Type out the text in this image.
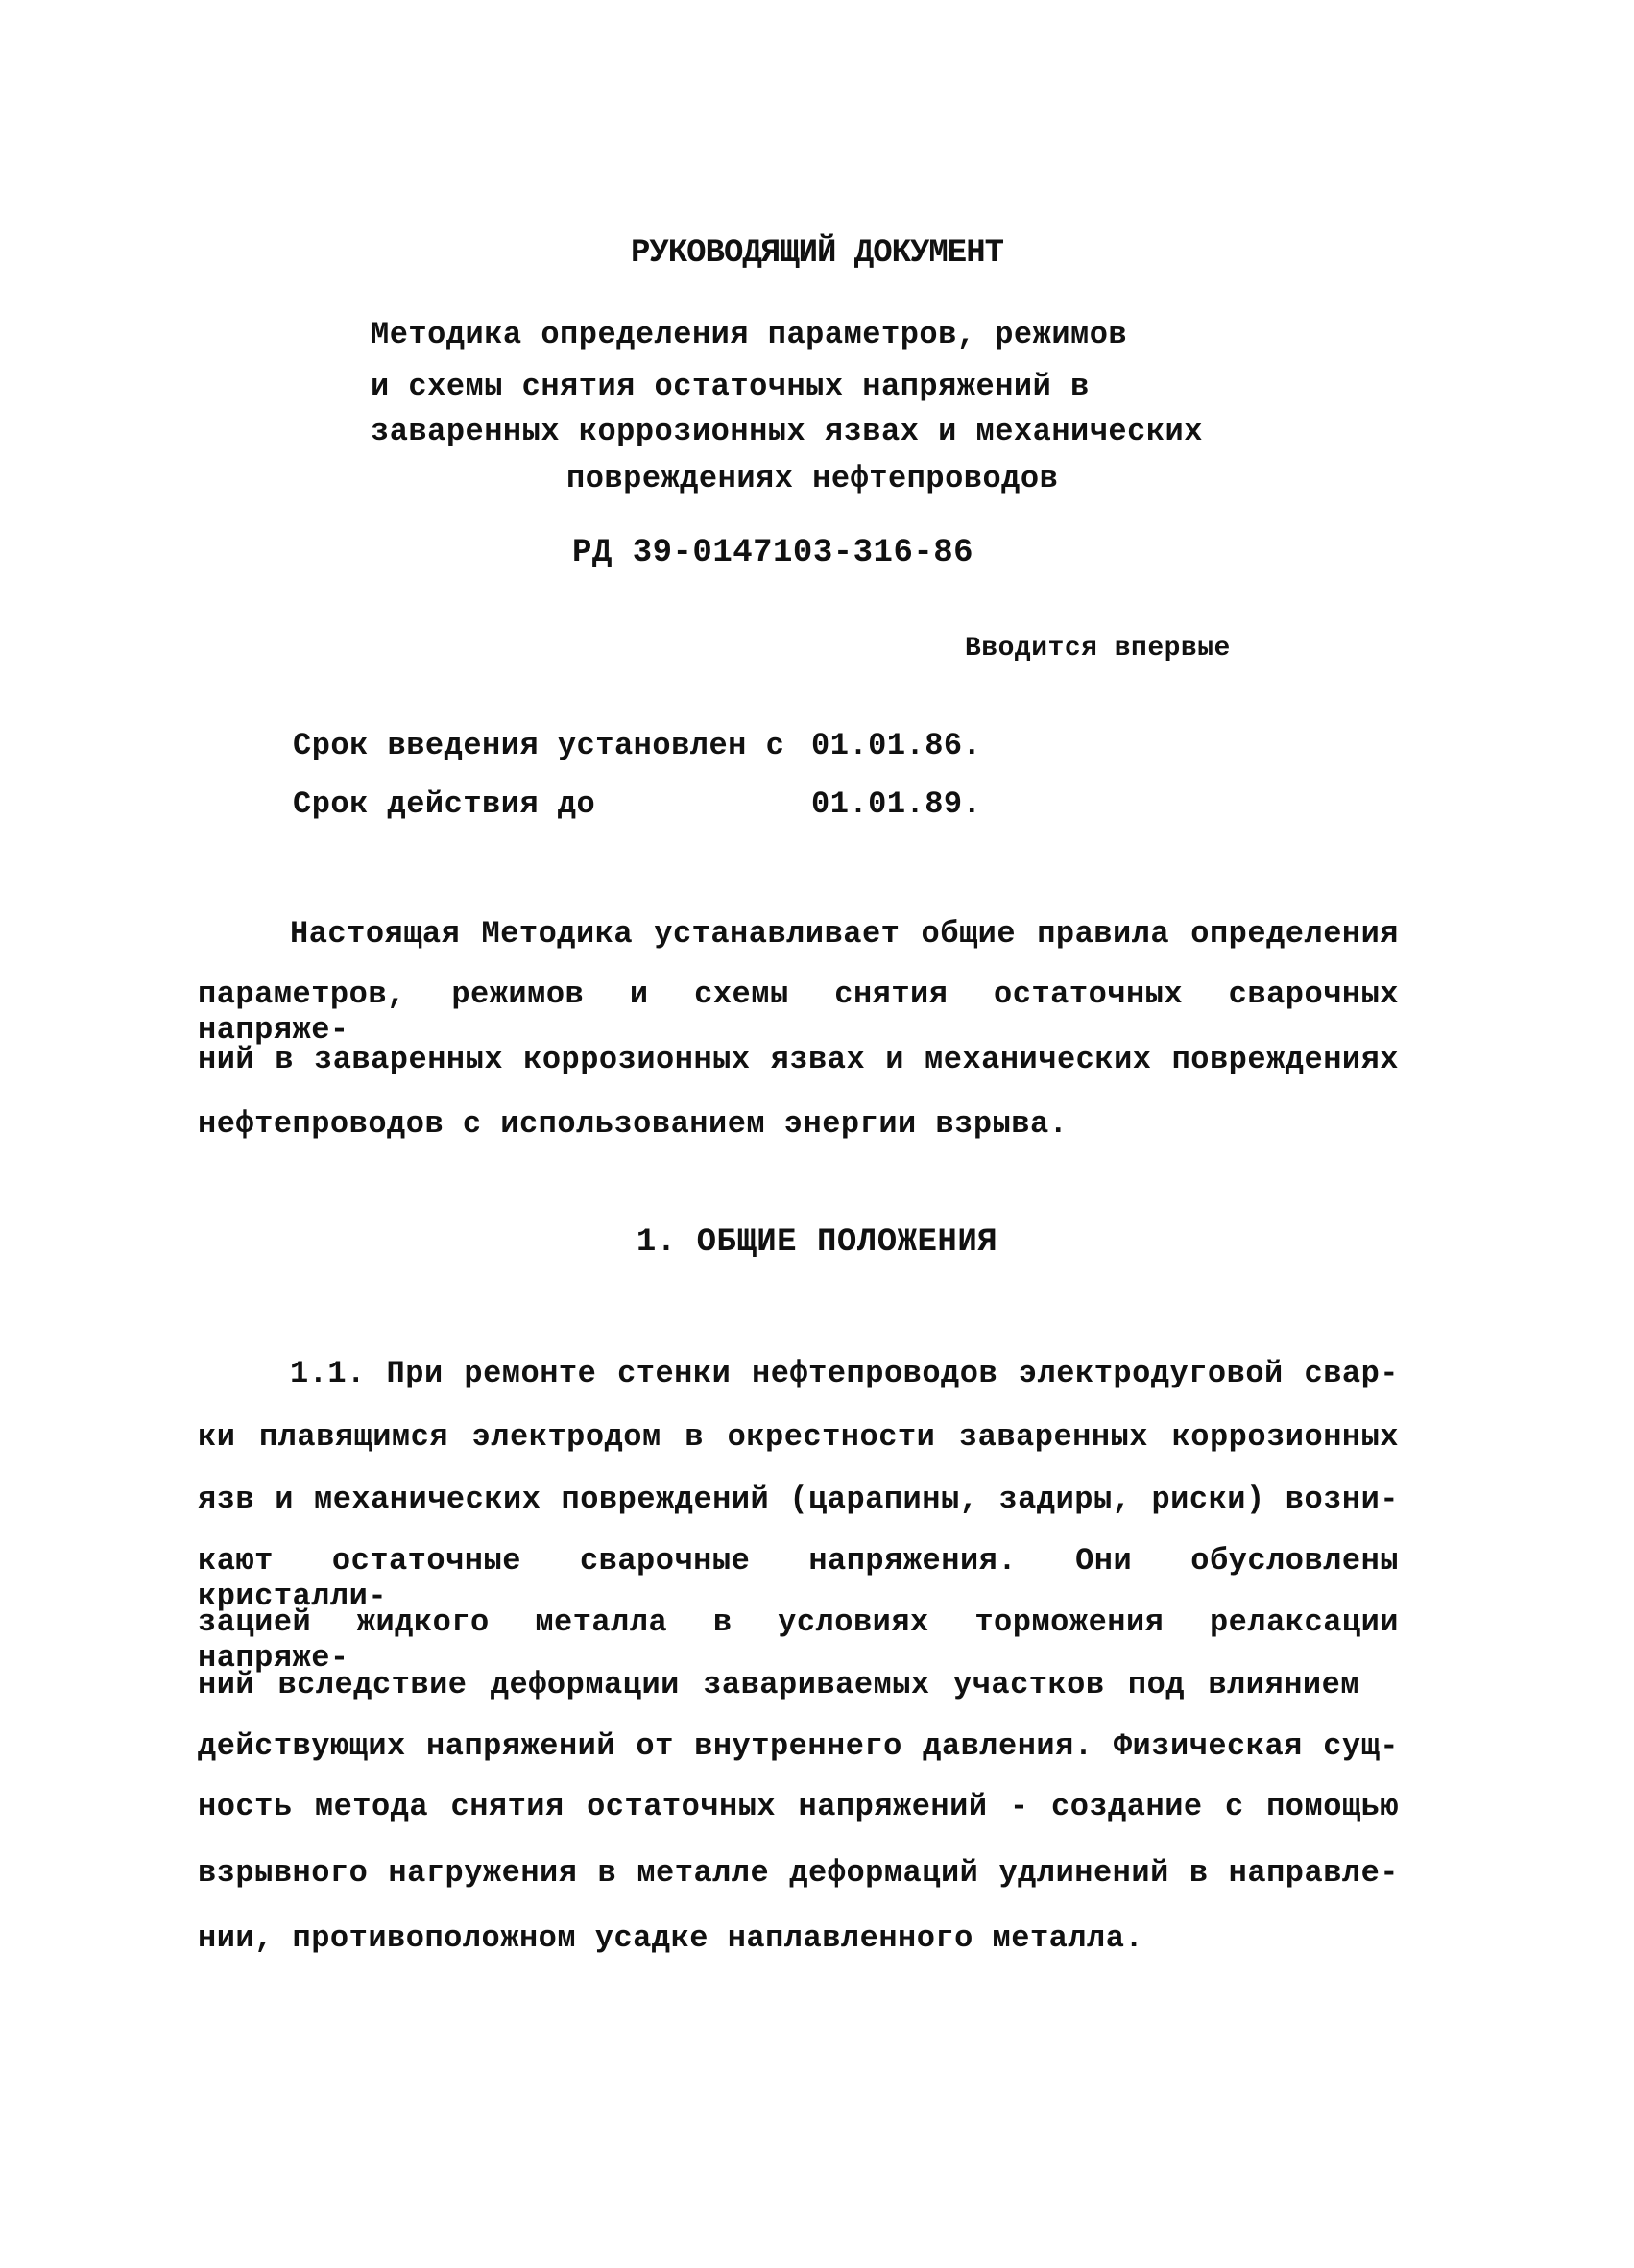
РУКОВОДЯЩИЙ ДОКУМЕНТ
Методика определения параметров, режимов
и схемы снятия остаточных напряжений в
заваренных коррозионных язвах и механических
повреждениях нефтепроводов
РД 39-0147103-316-86
Вводится впервые
Срок введения установлен с 01.01.86.
Срок действия до	01.01.89.
Настоящая Методика устанавливает общие правила определения
параметров, режимов и схемы снятия остаточных сварочных напряже-
ний в заваренных коррозионных язвах и механических повреждениях
нефтепроводов с использованием энергии взрыва.
1. ОБЩИЕ ПОЛОЖЕНИЯ
1.1. При ремонте стенки нефтепроводов электродуговой свар-
ки плавящимся электродом в окрестности заваренных коррозионных
язв и механических повреждений (царапины, задиры, риски) возни-
кают остаточные сварочные напряжения. Они обусловлены кристалли-
зацией жидкого металла в условиях торможения релаксации напряже-
ний вследствие деформации завариваемых участков под влиянием
действующих напряжений от внутреннего давления. Физическая сущ-
ность метода снятия остаточных напряжений - создание с помощью
взрывного нагружения в металле деформаций удлинений в направле-
нии, противоположном усадке наплавленного металла.
